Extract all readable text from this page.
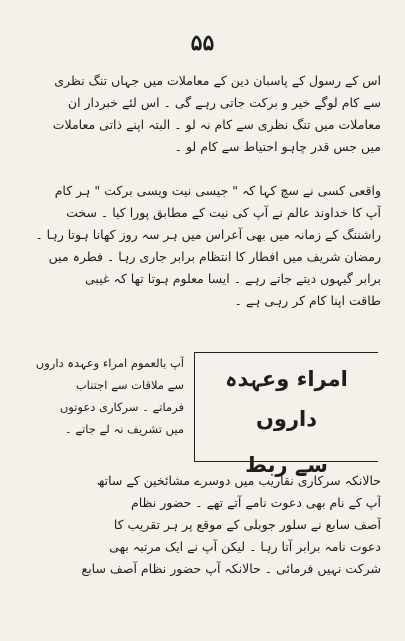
۵۵
اس کے رسول کے پاسبان دین کے معاملات میں جہاں تنگ نظری
سے کام لوگے خیر و برکت جاتی رہے گی ۔ اس لئے خبردار ان
معاملات میں تنگ نظری سے کام نہ لو ۔ البتہ اپنے ذاتی معاملات
میں جس قدر چاہو احتیاط سے کام لو ۔
واقعی کسی نے سچ کہا کہ " جیسی نیت ویسی برکت " ہر کام
آپ کا خداوند عالم نے آپ کی نیت کے مطابق پورا کیا ۔ سخت
راشننگ کے زمانہ میں بھی آعراس میں ہر سہ روز کھانا ہوتا رہا ۔
رمضان شریف میں افطار کا انتظام برابر جاری رہا ۔ فطرہ میں
برابر گیہوں دیتے جاتے رہے ۔ ایسا معلوم ہوتا تھا کہ غیبی
طاقت اپنا کام کر رہی ہے ۔
امراء وعہدہ داروں
سے ربط
آپ بالعموم امراء وعہدہ داروں
سے ملاقات سے اجتناب
فرماتے ۔ سرکاری دعوتوں
میں تشریف نہ لے جاتے ۔
حالانکہ سرکاری نقاریب میں دوسرے مشائخین کے ساتھ
آپ کے نام بھی دعوت نامے آتے تھے ۔ حضور نظام
آصف سابع نے سلور جوبلی کے موقع پر ہر تقریب کا
دعوت نامہ برابر آتا رہا ۔ لیکن آپ نے ایک مرتبہ بھی
شرکت نہیں فرمائی ۔ حالانکہ آپ حضور نظام آصف سابع
